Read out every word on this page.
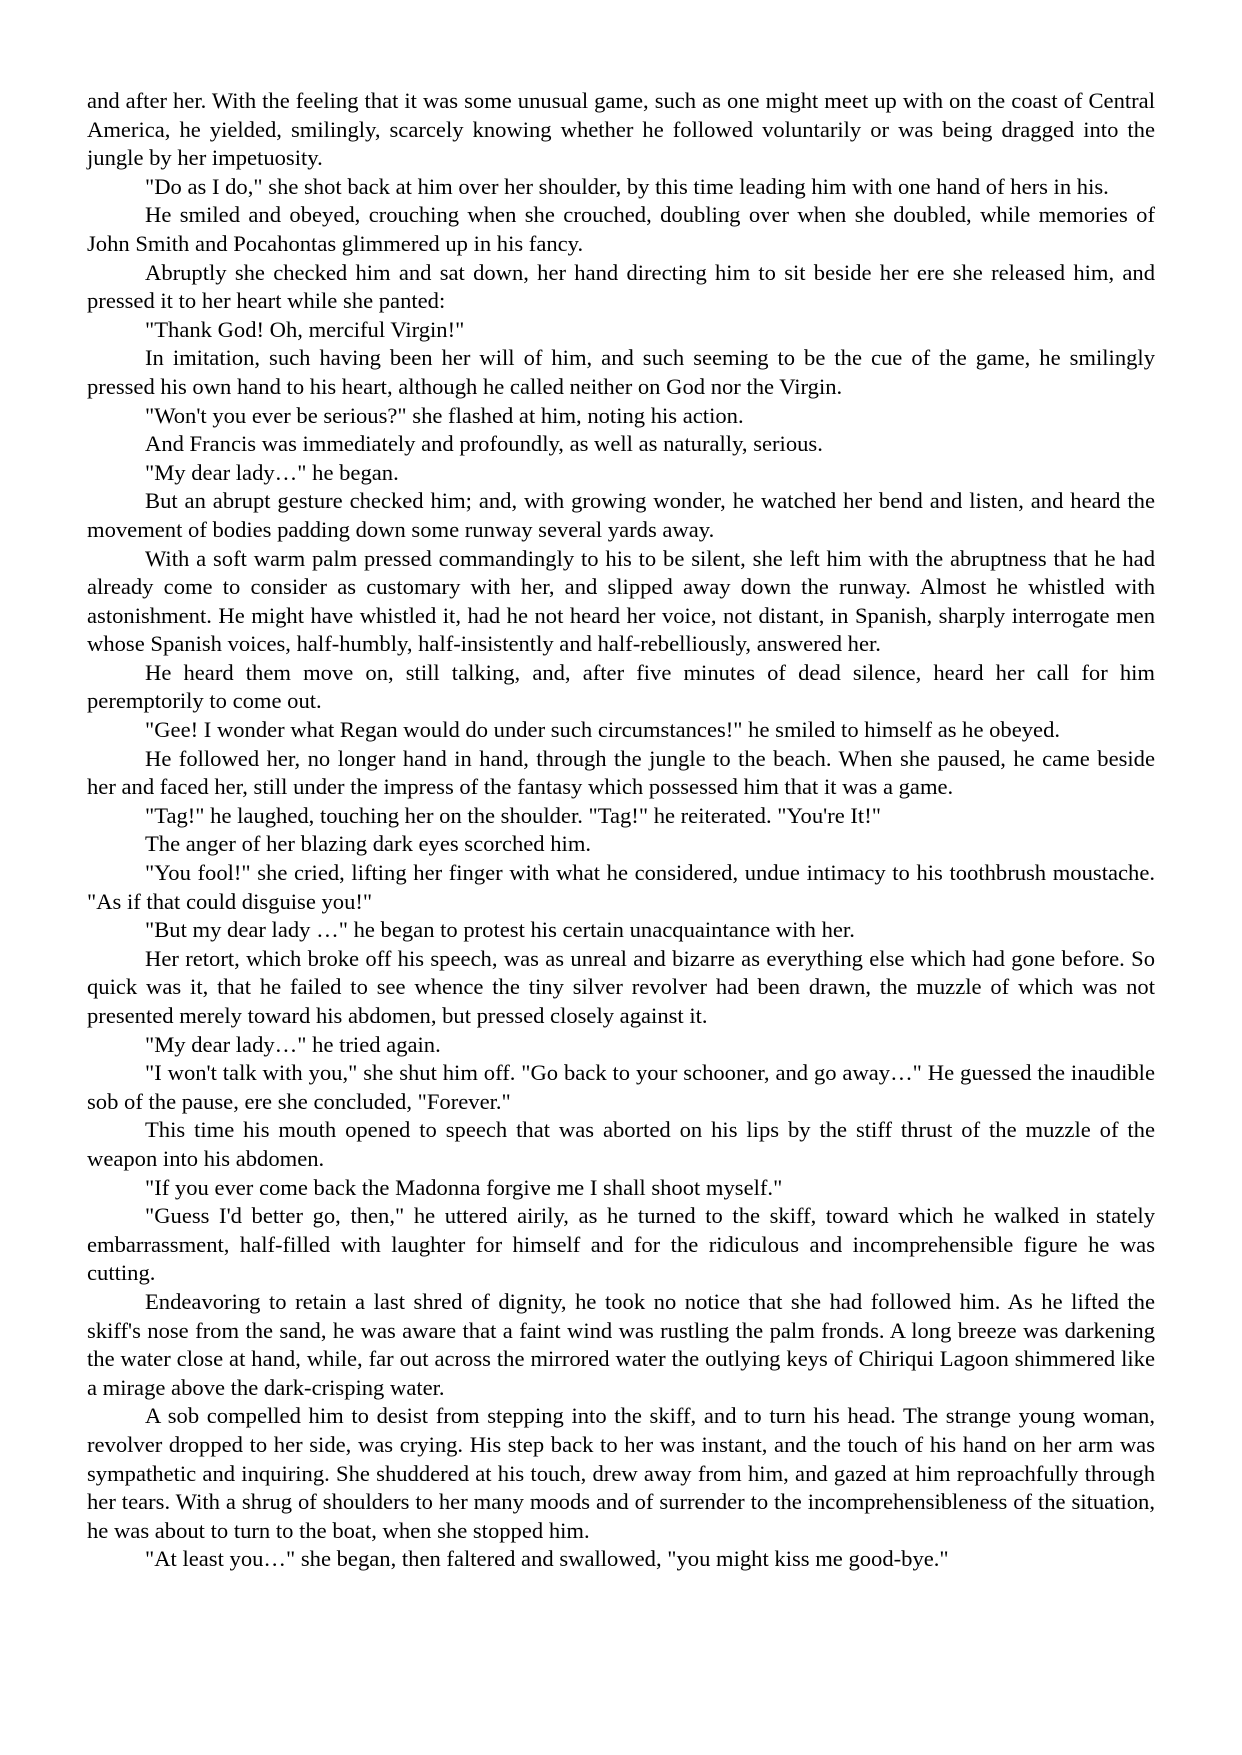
and after her. With the feeling that it was some unusual game, such as one might meet up with on the coast of Central America, he yielded, smilingly, scarcely knowing whether he followed voluntarily or was being dragged into the jungle by her impetuosity.

"Do as I do," she shot back at him over her shoulder, by this time leading him with one hand of hers in his.

He smiled and obeyed, crouching when she crouched, doubling over when she doubled, while memories of John Smith and Pocahontas glimmered up in his fancy.

Abruptly she checked him and sat down, her hand directing him to sit beside her ere she released him, and pressed it to her heart while she panted:

"Thank God! Oh, merciful Virgin!"

In imitation, such having been her will of him, and such seeming to be the cue of the game, he smilingly pressed his own hand to his heart, although he called neither on God nor the Virgin.

"Won't you ever be serious?" she flashed at him, noting his action.

And Francis was immediately and profoundly, as well as naturally, serious.

"My dear lady…" he began.

But an abrupt gesture checked him; and, with growing wonder, he watched her bend and listen, and heard the movement of bodies padding down some runway several yards away.

With a soft warm palm pressed commandingly to his to be silent, she left him with the abruptness that he had already come to consider as customary with her, and slipped away down the runway. Almost he whistled with astonishment. He might have whistled it, had he not heard her voice, not distant, in Spanish, sharply interrogate men whose Spanish voices, half-humbly, half-insistently and half-rebelliously, answered her.

He heard them move on, still talking, and, after five minutes of dead silence, heard her call for him peremptorily to come out.

"Gee! I wonder what Regan would do under such circumstances!" he smiled to himself as he obeyed.

He followed her, no longer hand in hand, through the jungle to the beach. When she paused, he came beside her and faced her, still under the impress of the fantasy which possessed him that it was a game.

"Tag!" he laughed, touching her on the shoulder. "Tag!" he reiterated. "You're It!"

The anger of her blazing dark eyes scorched him.

"You fool!" she cried, lifting her finger with what he considered, undue intimacy to his toothbrush moustache. "As if that could disguise you!"

"But my dear lady …" he began to protest his certain unacquaintance with her.

Her retort, which broke off his speech, was as unreal and bizarre as everything else which had gone before. So quick was it, that he failed to see whence the tiny silver revolver had been drawn, the muzzle of which was not presented merely toward his abdomen, but pressed closely against it.

"My dear lady…" he tried again.

"I won't talk with you," she shut him off. "Go back to your schooner, and go away…" He guessed the inaudible sob of the pause, ere she concluded, "Forever."

This time his mouth opened to speech that was aborted on his lips by the stiff thrust of the muzzle of the weapon into his abdomen.

"If you ever come back the Madonna forgive me I shall shoot myself."

"Guess I'd better go, then," he uttered airily, as he turned to the skiff, toward which he walked in stately embarrassment, half-filled with laughter for himself and for the ridiculous and incomprehensible figure he was cutting.

Endeavoring to retain a last shred of dignity, he took no notice that she had followed him. As he lifted the skiff's nose from the sand, he was aware that a faint wind was rustling the palm fronds. A long breeze was darkening the water close at hand, while, far out across the mirrored water the outlying keys of Chiriqui Lagoon shimmered like a mirage above the dark-crisping water.

A sob compelled him to desist from stepping into the skiff, and to turn his head. The strange young woman, revolver dropped to her side, was crying. His step back to her was instant, and the touch of his hand on her arm was sympathetic and inquiring. She shuddered at his touch, drew away from him, and gazed at him reproachfully through her tears. With a shrug of shoulders to her many moods and of surrender to the incomprehensibleness of the situation, he was about to turn to the boat, when she stopped him.

"At least you…" she began, then faltered and swallowed, "you might kiss me good-bye."
